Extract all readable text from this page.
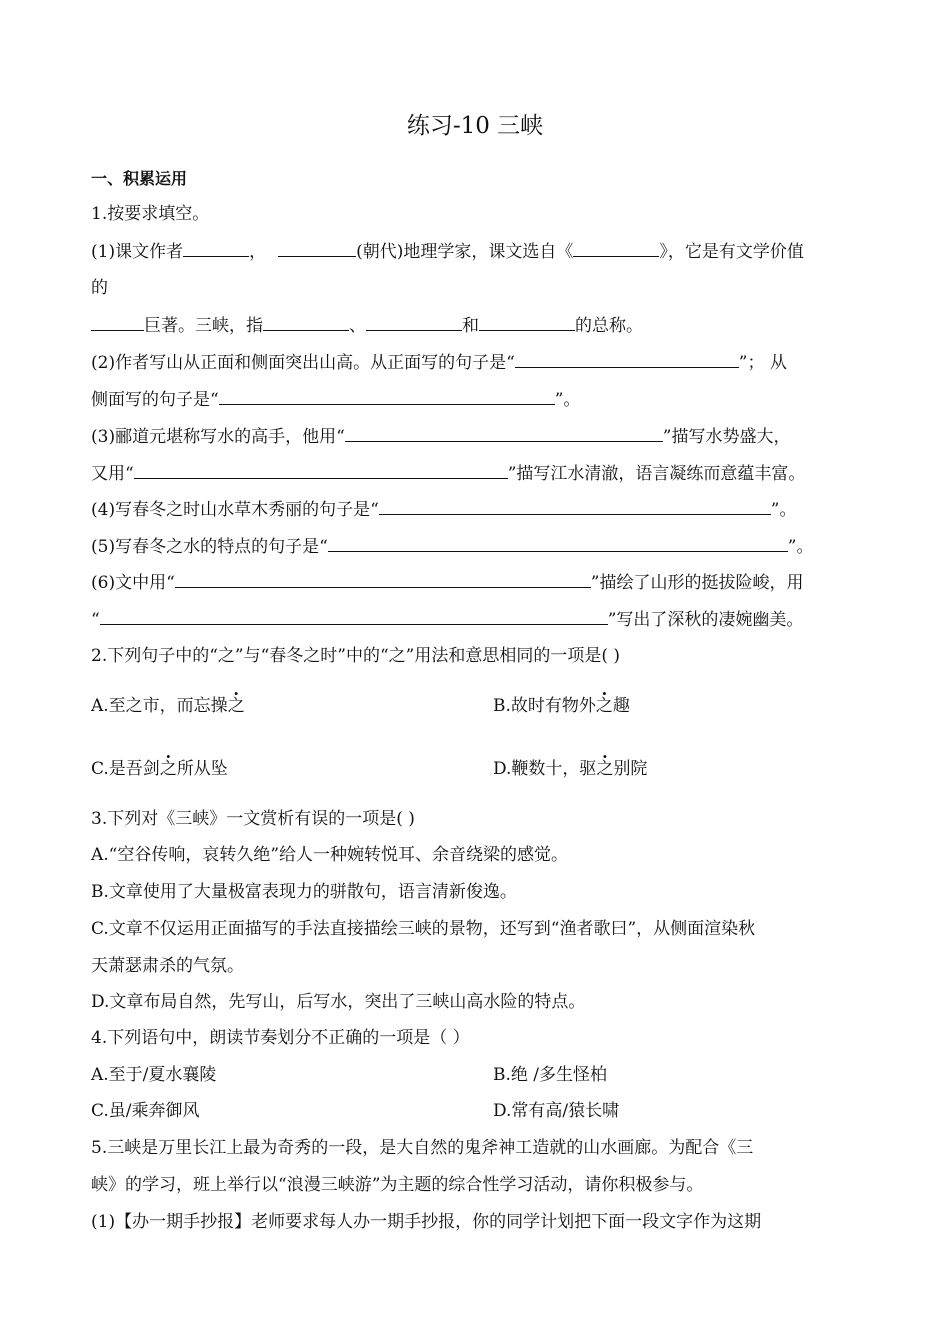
练习-10 三峡
一、积累运用
1.按要求填空。
(1)课文作者	，	(朝代)地理学家，课文选自《	》，它是有文学价值
的
巨著。三峡，指	、	和	的总称。
(2)作者写山从正面和侧面突出山高。从正面写的句子是“	”； 从
侧面写的句子是“	”。
(3)郦道元堪称写水的高手，他用“	”描写水势盛大，
又用“	”描写江水清澈，语言凝练而意蕴丰富。
(4)写春冬之时山水草木秀丽的句子是“	”。
(5)写春冬之水的特点的句子是“	”。
(6)文中用“	”描绘了山形的挺拔险峻，用
“	”写出了深秋的凄婉幽美。
2.下列句子中的“之”与“春冬之时”中的“之”用法和意思相同的一项是( )
A.至之市，而忘操之	B.故时有物外之趣
C.是吾剑之所从坠	D.鞭数十，驱之别院
3.下列对《三峡》一文赏析有误的一项是( )
A.“空谷传响，哀转久绝”给人一种婉转悦耳、余音绕梁的感觉。
B.文章使用了大量极富表现力的骈散句，语言清新俊逸。
C.文章不仅运用正面描写的手法直接描绘三峡的景物，还写到“渔者歌曰”，从侧面渲染秋
天萧瑟肃杀的气氛。
D.文章布局自然，先写山，后写水，突出了三峡山高水险的特点。
4.下列语句中，朗读节奏划分不正确的一项是（ ）
A.至于/夏水襄陵	B.绝 /多生怪柏
C.虽/乘奔御风	D.常有高/猿长啸
5.三峡是万里长江上最为奇秀的一段，是大自然的鬼斧神工造就的山水画廊。为配合《三
峡》的学习，班上举行以“浪漫三峡游”为主题的综合性学习活动，请你积极参与。
(1)【办一期手抄报】老师要求每人办一期手抄报，你的同学计划把下面一段文字作为这期
